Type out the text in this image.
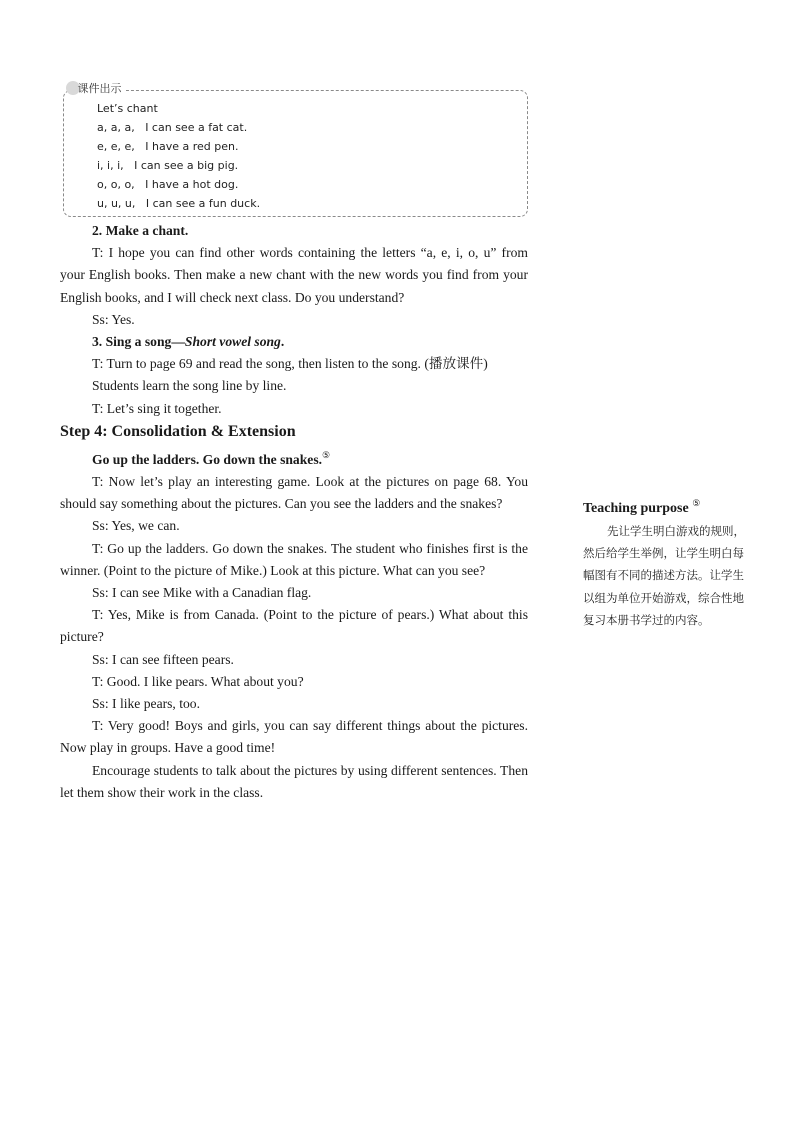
课件出示
Let’s chant
a, a, a,   I can see a fat cat.
e, e, e,   I have a red pen.
i, i, i,   I can see a big pig.
o, o, o,   I have a hot dog.
u, u, u,   I can see a fun duck.

2. Make a chant.

T: I hope you can find other words containing the letters “a, e, i, o, u” from your English books. Then make a new chant with the new words you find from your English books, and I will check next class. Do you understand?

Ss: Yes.

3. Sing a song—Short vowel song.

T: Turn to page 69 and read the song, then listen to the song. (播放课件)

Students learn the song line by line.

T: Let’s sing it together.

Step 4: Consolidation & Extension

Go up the ladders. Go down the snakes.⑤

T: Now let’s play an interesting game. Look at the pictures on page 68. You should say something about the pictures. Can you see the ladders and the snakes?

Ss: Yes, we can.

T: Go up the ladders. Go down the snakes. The student who finishes first is the winner. (Point to the picture of Mike.) Look at this picture. What can you see?

Ss: I can see Mike with a Canadian flag.

T: Yes, Mike is from Canada. (Point to the picture of pears.) What about this picture?

Ss: I can see fifteen pears.

T: Good. I like pears. What about you?

Ss: I like pears, too.

T: Very good! Boys and girls, you can say different things about the pictures. Now play in groups. Have a good time!

Encourage students to talk about the pictures by using different sentences. Then let them show their work in the class.

Teaching purpose ⑤

先让学生明白游戏的规则，然后给学生举例，让学生明白每幅图有不同的描述方法。让学生以组为单位开始游戏，综合性地复习本册书学过的内容。
